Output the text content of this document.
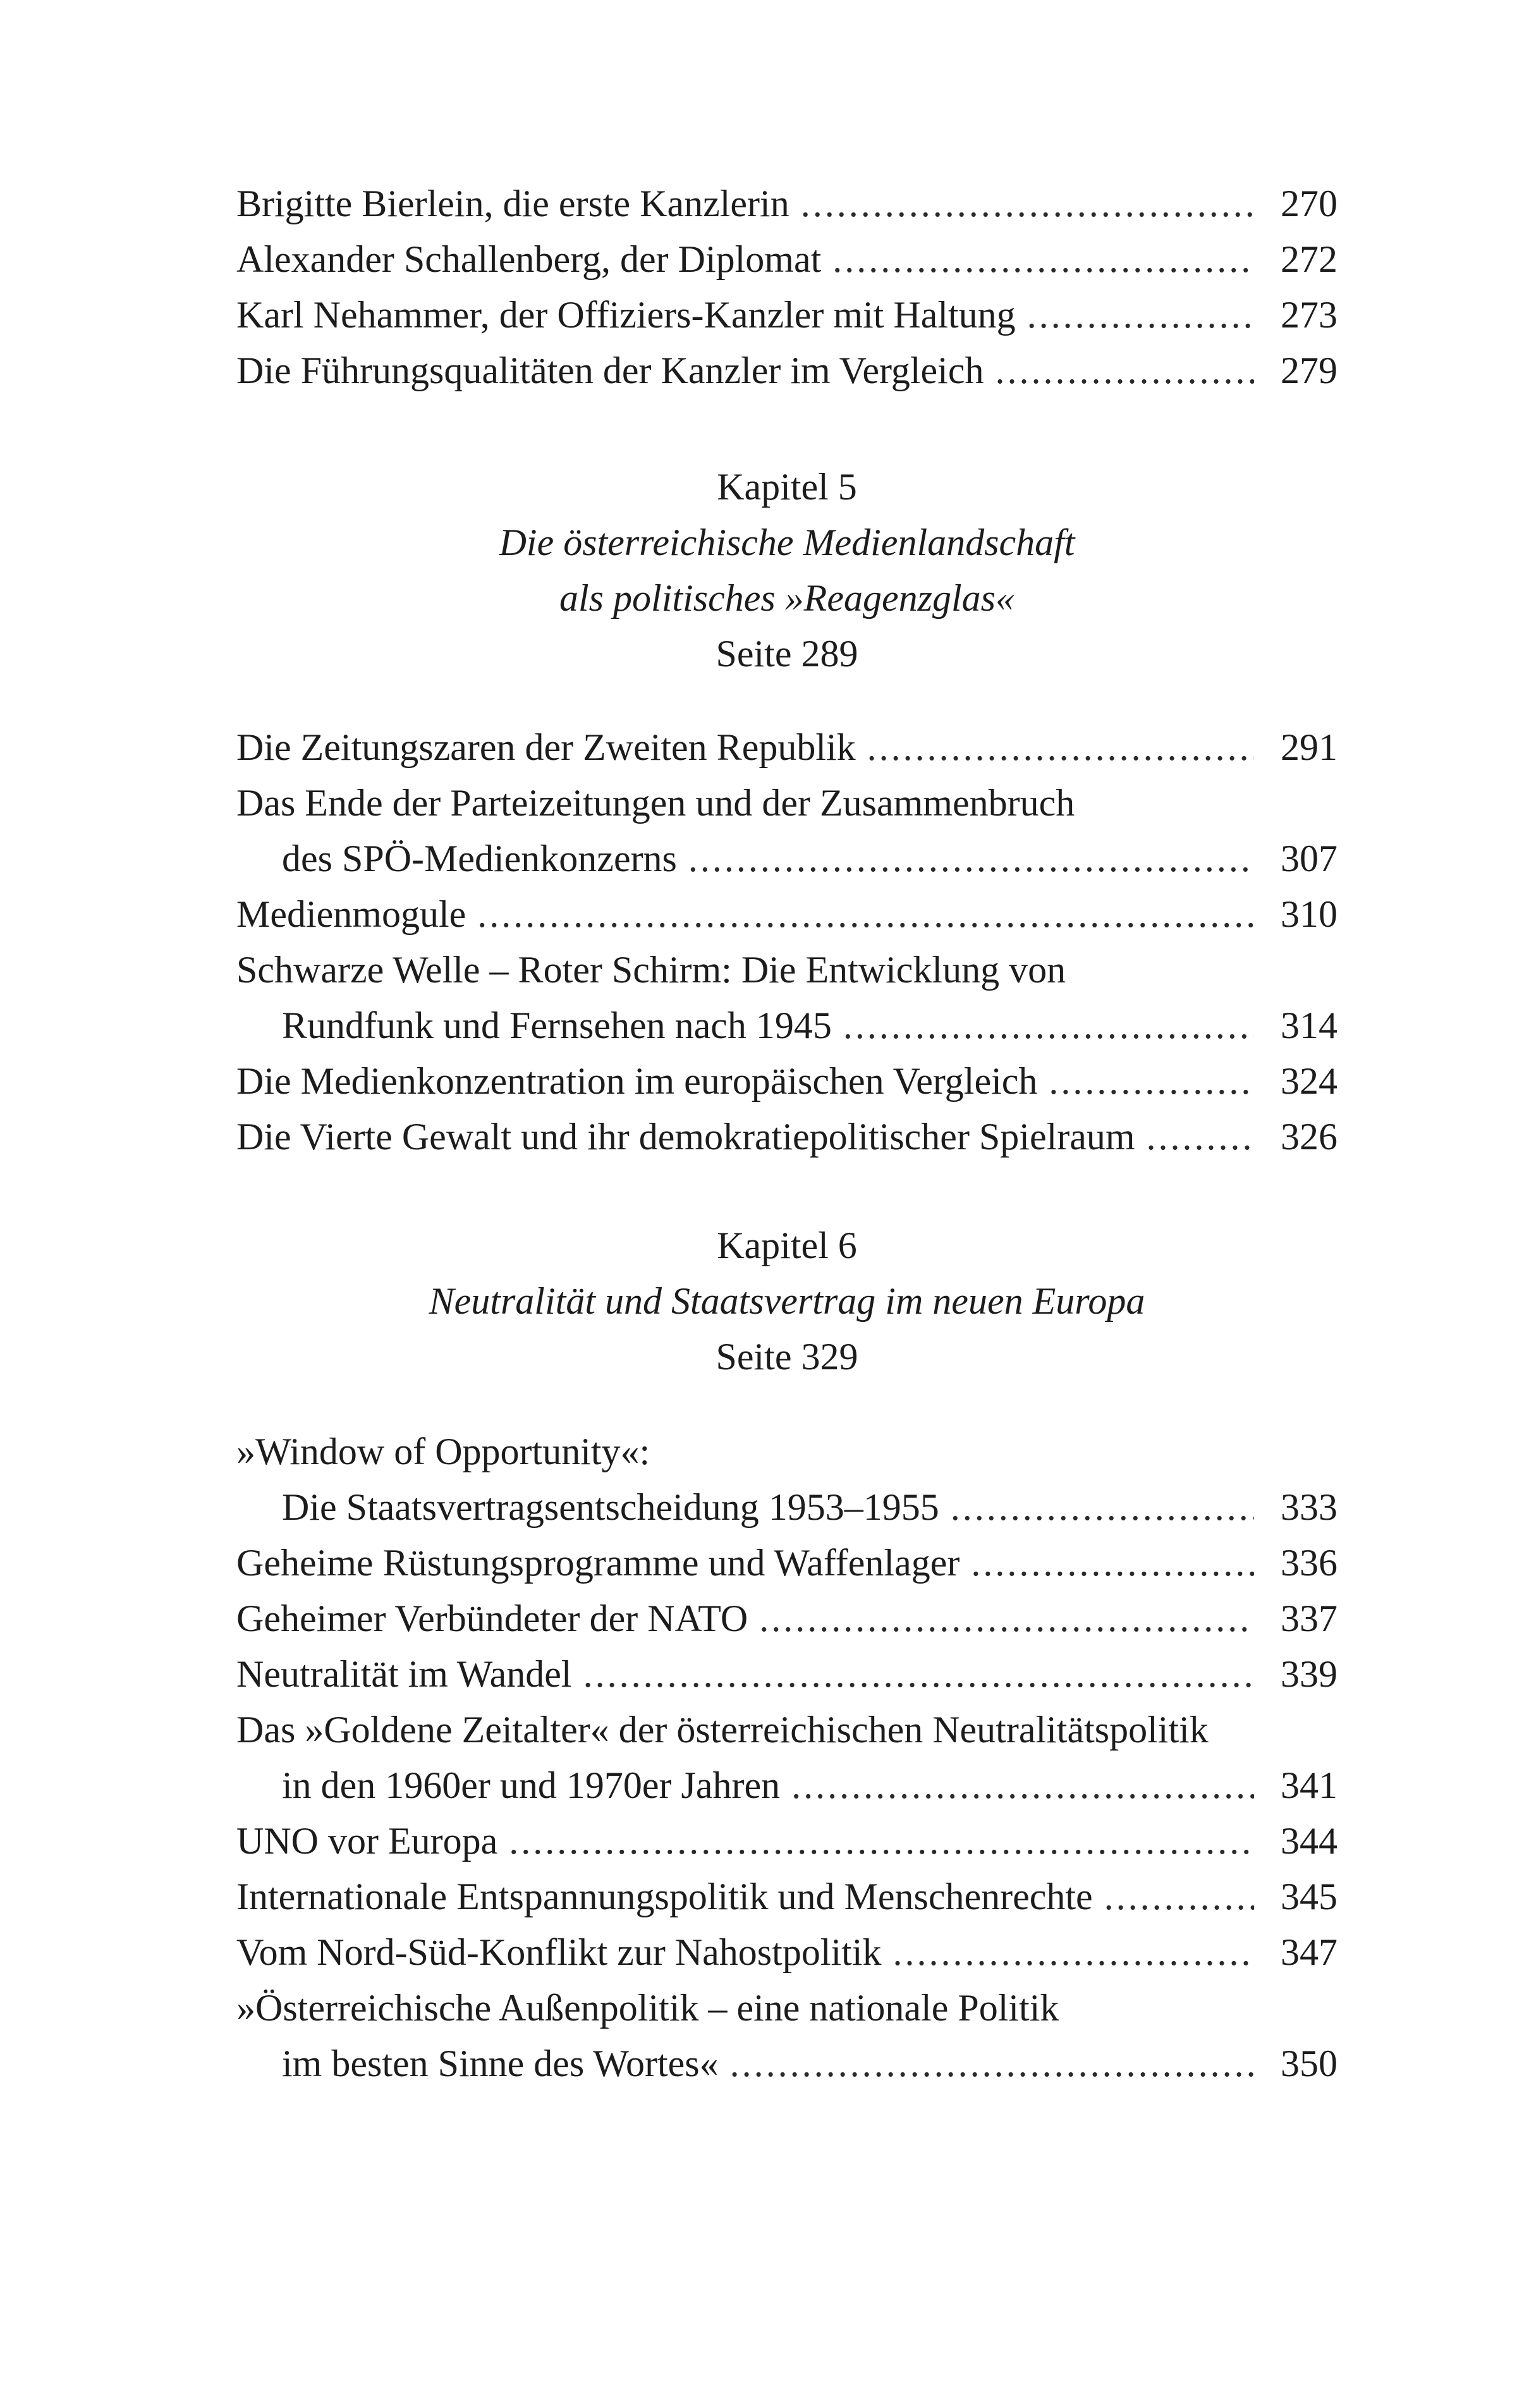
Brigitte Bierlein, die erste Kanzlerin .....	270
Alexander Schallenberg, der Diplomat .....	272
Karl Nehammer, der Offiziers-Kanzler mit Haltung .....	273
Die Führungsqualitäten der Kanzler im Vergleich .....	279
Kapitel 5
Die österreichische Medienlandschaft
als politisches »Reagenzglas«
Seite 289
Die Zeitungszaren der Zweiten Republik .....	291
Das Ende der Parteizeitungen und der Zusammenbruch
des SPÖ-Medienkonzerns .....	307
Medienmogule .....	310
Schwarze Welle – Roter Schirm: Die Entwicklung von
Rundfunk und Fernsehen nach 1945 .....	314
Die Medienkonzentration im europäischen Vergleich .....	324
Die Vierte Gewalt und ihr demokratiepolitischer Spielraum .....	326
Kapitel 6
Neutralität und Staatsvertrag im neuen Europa
Seite 329
»Window of Opportunity«:
Die Staatsvertragsentscheidung 1953–1955 .....	333
Geheime Rüstungsprogramme und Waffenlager .....	336
Geheimer Verbündeter der NATO .....	337
Neutralität im Wandel .....	339
Das »Goldene Zeitalter« der österreichischen Neutralitätspolitik
in den 1960er und 1970er Jahren .....	341
UNO vor Europa .....	344
Internationale Entspannungspolitik und Menschenrechte .....	345
Vom Nord-Süd-Konflikt zur Nahostpolitik .....	347
»Österreichische Außenpolitik – eine nationale Politik
im besten Sinne des Wortes« .....	350
